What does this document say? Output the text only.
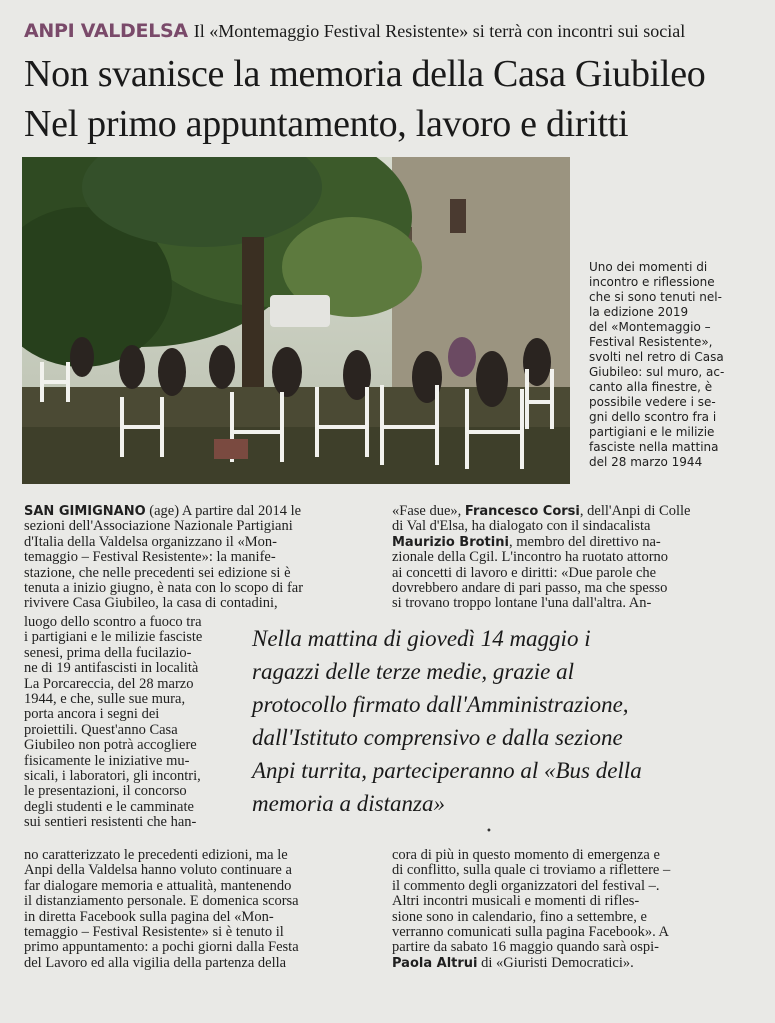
ANPI VALDELSA Il «Montemaggio Festival Resistente» si terrà con incontri sui social
Non svanisce la memoria della Casa Giubileo
Nel primo appuntamento, lavoro e diritti
Uno dei momenti di
incontro e riflessione
che si sono tenuti nel-
la edizione 2019
del «Montemaggio –
Festival Resistente»,
svolti nel retro di Casa
Giubileo: sul muro, ac-
canto alla finestre, è
possibile vedere i se-
gni dello scontro fra i
partigiani e le milizie
fasciste nella mattina
del 28 marzo 1944
SAN GIMIGNANO (age) A partire dal 2014 le
sezioni dell'Associazione Nazionale Partigiani
d'Italia della Valdelsa organizzano il «Mon-
temaggio – Festival Resistente»: la manife-
stazione, che nelle precedenti sei edizione si è
tenuta a inizio giugno, è nata con lo scopo di far
rivivere Casa Giubileo, la casa di contadini,
luogo dello scontro a fuoco tra
i partigiani e le milizie fasciste
senesi, prima della fucilazio-
ne di 19 antifascisti in località
La Porcareccia, del 28 marzo
1944, e che, sulle sue mura,
porta ancora i segni dei
proiettili. Quest'anno Casa
Giubileo non potrà accogliere
fisicamente le iniziative mu-
sicali, i laboratori, gli incontri,
le presentazioni, il concorso
degli studenti e le camminate
sui sentieri resistenti che han-
no caratterizzato le precedenti edizioni, ma le
Anpi della Valdelsa hanno voluto continuare a
far dialogare memoria e attualità, mantenendo
il distanziamento personale. E domenica scorsa
in diretta Facebook sulla pagina del «Mon-
temaggio – Festival Resistente» si è tenuto il
primo appuntamento: a pochi giorni dalla Festa
del Lavoro ed alla vigilia della partenza della
«Fase due», Francesco Corsi, dell'Anpi di Colle
di Val d'Elsa, ha dialogato con il sindacalista
Maurizio Brotini, membro del direttivo na-
zionale della Cgil. L'incontro ha ruotato attorno
ai concetti di lavoro e diritti: «Due parole che
dovrebbero andare di pari passo, ma che spesso
si trovano troppo lontane l'una dall'altra. An-
Nella mattina di giovedì 14 maggio i
ragazzi delle terze medie, grazie al
protocollo firmato dall'Amministrazione,
dall'Istituto comprensivo e dalla sezione
Anpi turrita, parteciperanno al «Bus della
memoria a distanza»
•
cora di più in questo momento di emergenza e
di conflitto, sulla quale ci troviamo a riflettere –
il commento degli organizzatori del festival –.
Altri incontri musicali e momenti di rifles-
sione sono in calendario, fino a settembre, e
verranno comunicati sulla pagina Facebook». A
partire da sabato 16 maggio quando sarà ospi-
Paola Altrui di «Giuristi Democratici».
